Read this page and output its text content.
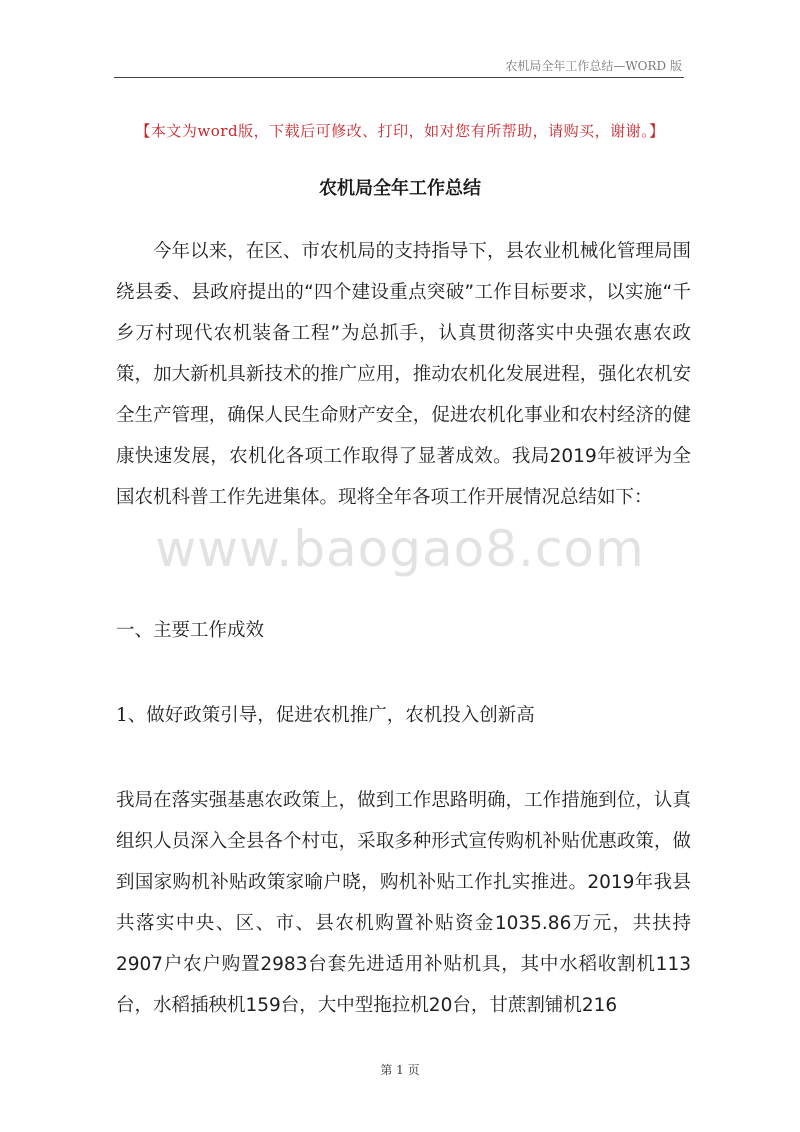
农机局全年工作总结—WORD 版
【本文为word版，下载后可修改、打印，如对您有所帮助，请购买，谢谢。】
农机局全年工作总结
今年以来，在区、市农机局的支持指导下，县农业机械化管理局围绕县委、县政府提出的“四个建设重点突破”工作目标要求，以实施“千乡万村现代农机装备工程”为总抓手，认真贯彻落实中央强农惠农政策，加大新机具新技术的推广应用，推动农机化发展进程，强化农机安全生产管理，确保人民生命财产安全，促进农机化事业和农村经济的健康快速发展，农机化各项工作取得了显著成效。我局2019年被评为全国农机科普工作先进集体。现将全年各项工作开展情况总结如下：
www.baogao8.com
一、主要工作成效
1、做好政策引导，促进农机推广，农机投入创新高
我局在落实强基惠农政策上，做到工作思路明确，工作措施到位，认真组织人员深入全县各个村屯，采取多种形式宣传购机补贴优惠政策，做到国家购机补贴政策家喻户晓，购机补贴工作扎实推进。2019年我县共落实中央、区、市、县农机购置补贴资金1035.86万元，共扶持2907户农户购置2983台套先进适用补贴机具，其中水稻收割机113台，水稻插秧机159台，大中型拖拉机20台，甘蔗割铺机216
第 1 页
